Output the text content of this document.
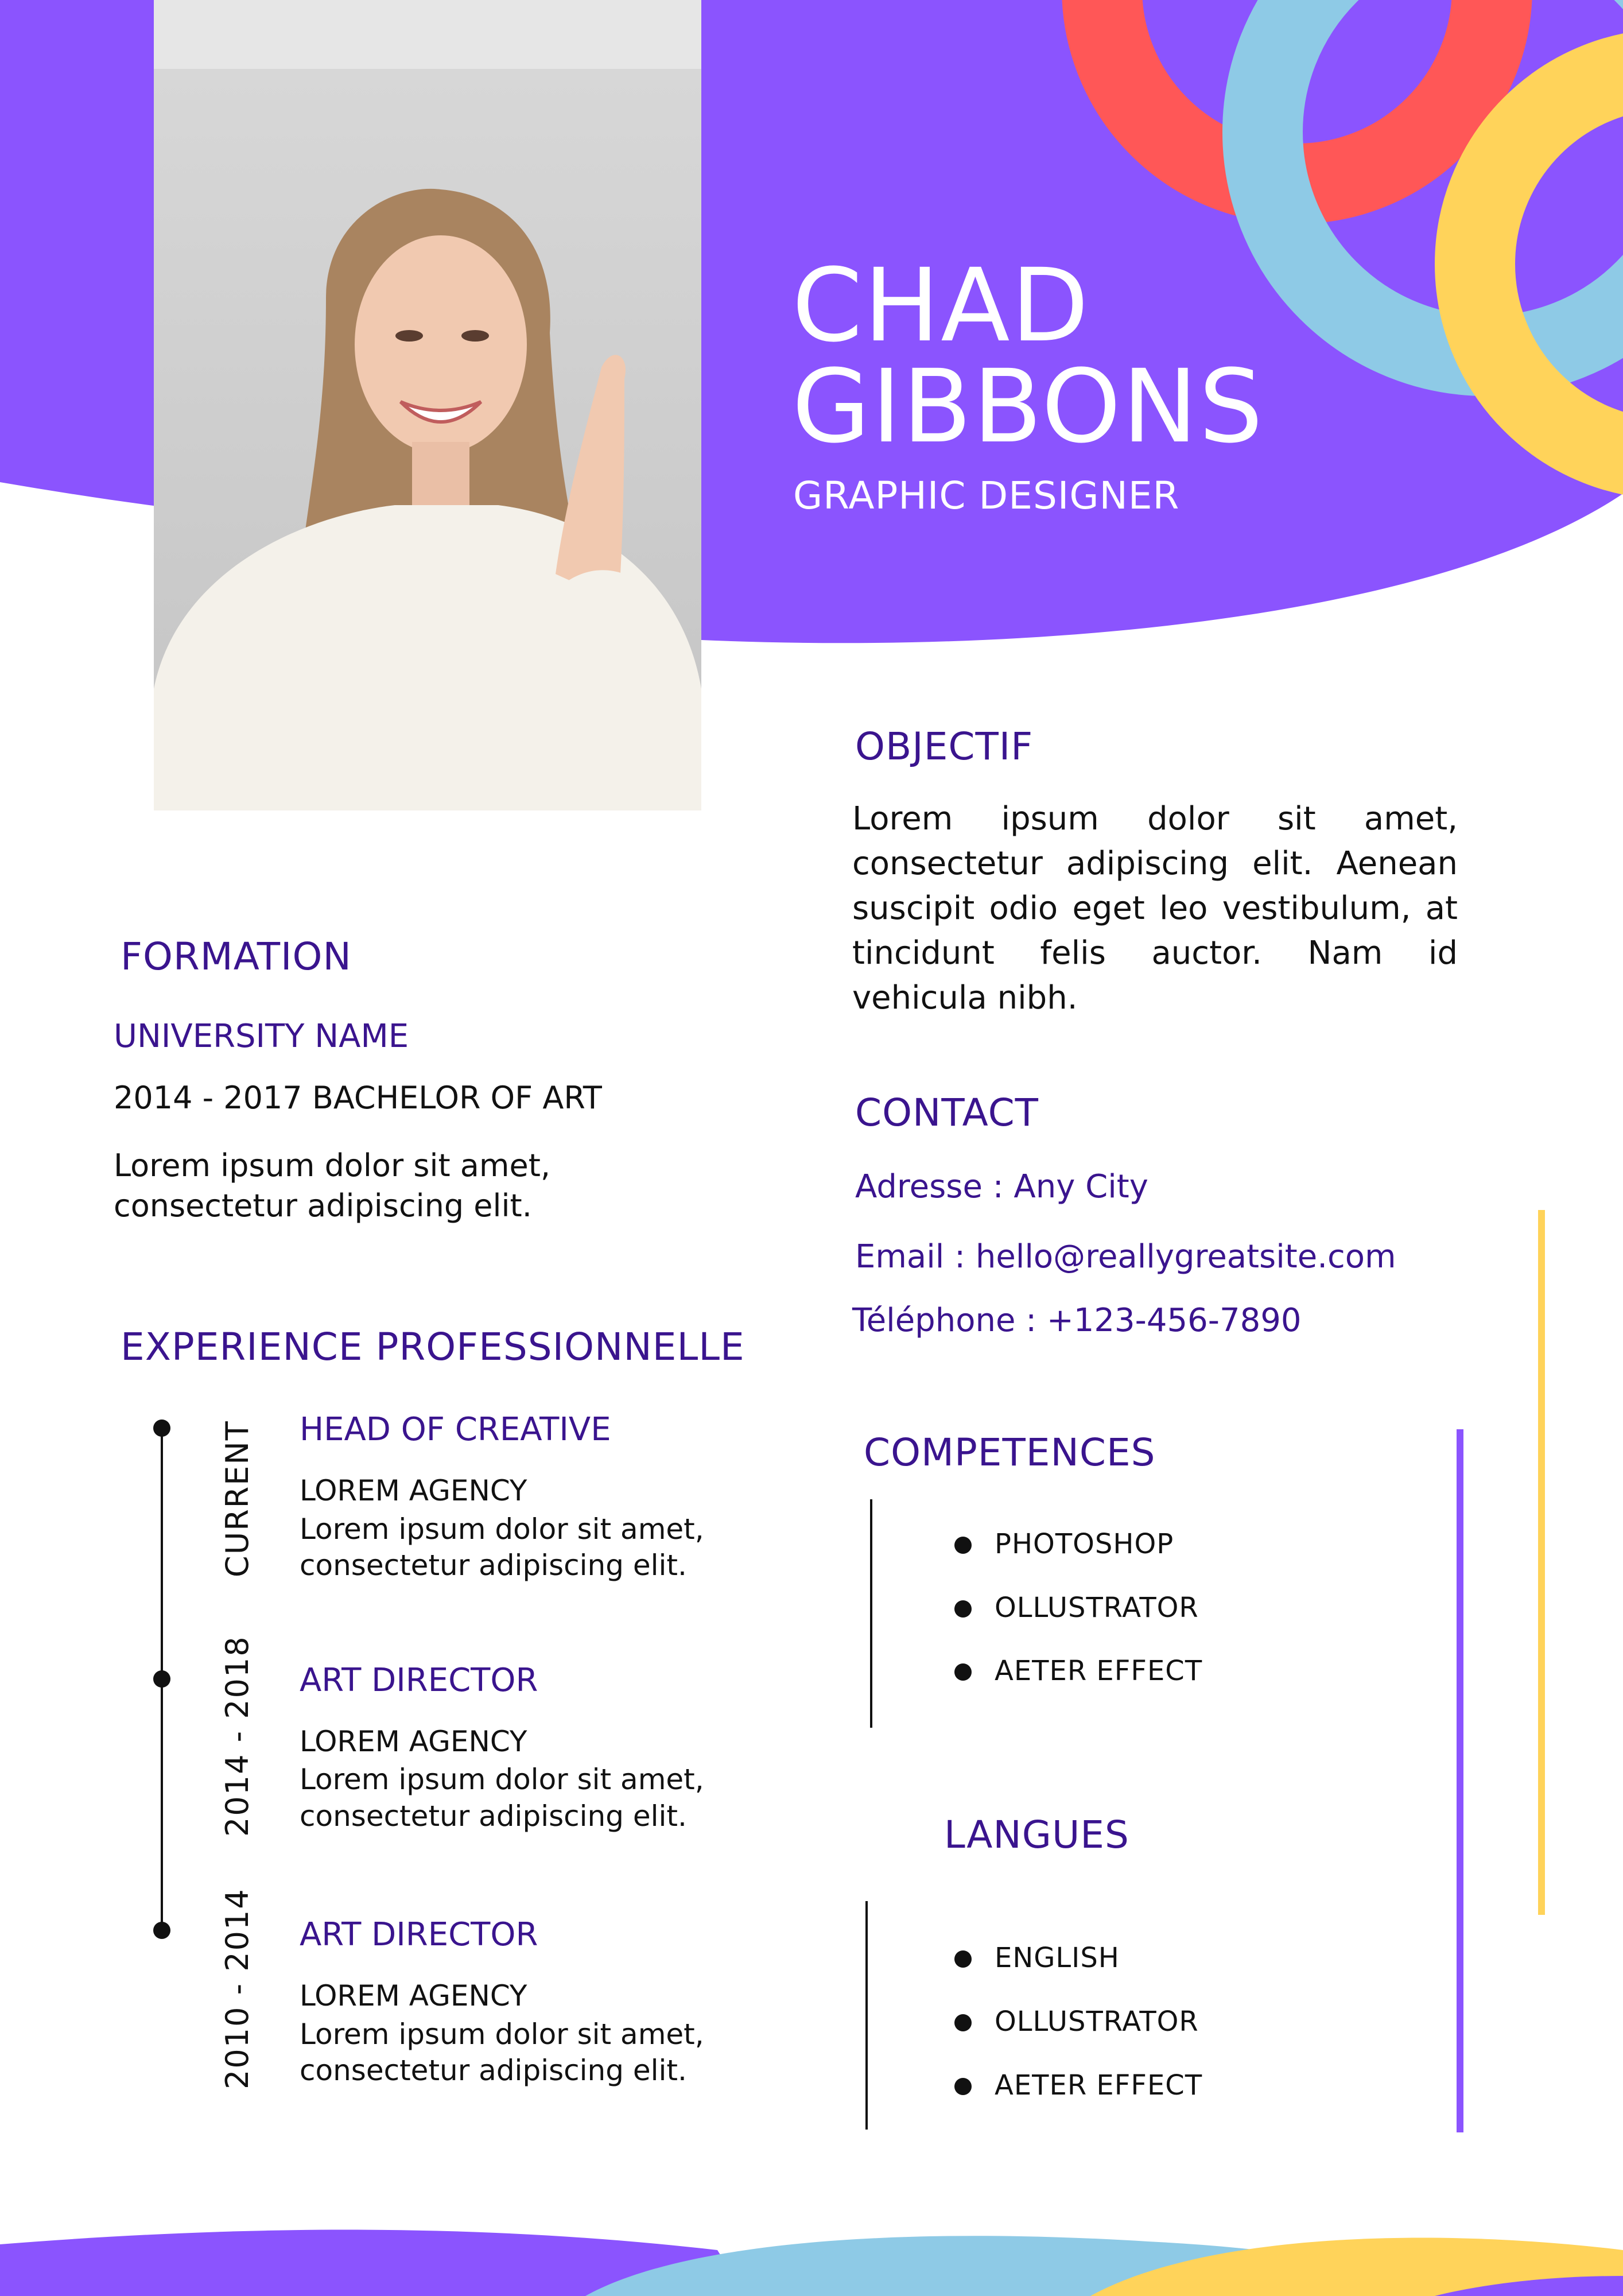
CHAD
GIBBONS
GRAPHIC DESIGNER
OBJECTIF
Lorem ipsum dolor sit amet, consectetur adipiscing elit. Aenean suscipit odio eget leo vestibulum, at tincidunt felis auctor. Nam id vehicula nibh.
FORMATION
UNIVERSITY NAME
2014 - 2017 BACHELOR OF ART
Lorem ipsum dolor sit amet,
consectetur adipiscing elit.
CONTACT
Adresse : Any City
Email : hello@reallygreatsite.com
Téléphone : +123-456-7890
EXPERIENCE PROFESSIONNELLE
CURRENT HEAD OF CREATIVE
LOREM AGENCY
Lorem ipsum dolor sit amet,
consectetur adipiscing elit.
2014 - 2018 ART DIRECTOR
LOREM AGENCY
Lorem ipsum dolor sit amet,
consectetur adipiscing elit.
2010 - 2014 ART DIRECTOR
LOREM AGENCY
Lorem ipsum dolor sit amet,
consectetur adipiscing elit.
COMPETENCES
PHOTOSHOP
OLLUSTRATOR
AETER EFFECT
LANGUES
ENGLISH
OLLUSTRATOR
AETER EFFECT
